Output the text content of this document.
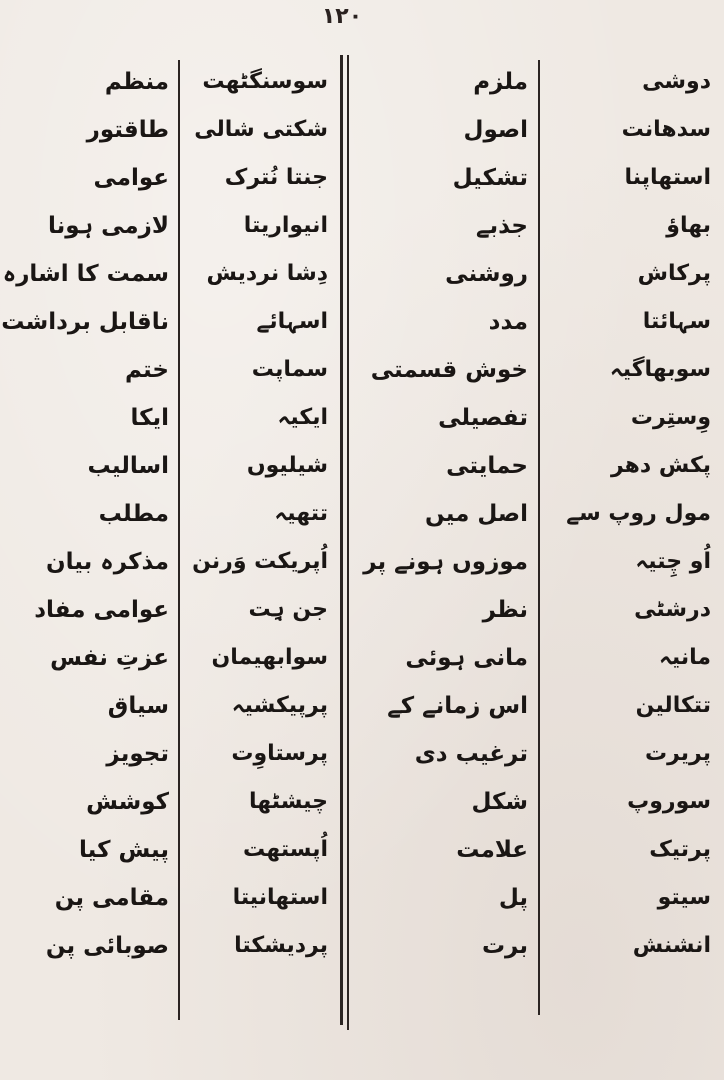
۱۲۰
دوشی
سدھانت
استھاپنا
بھاؤ
پرکاش
سہائتا
سوبھاگیہ
وِستِرت
پکش دھر
مول روپ سے
اُو چِتیہ
درشٹی
مانیہ
تتکالین
پریرت
سوروپ
پرتیک
سیتو
انشنش
ملزم
اصول
تشکیل
جذبے
روشنی
مدد
خوش قسمتی
تفصیلی
حمایتی
اصل میں
موزوں ہونے پر
نظر
مانی ہوئی
اس زمانے کے
ترغیب دی
شکل
علامت
پل
برت
سوسنگٹھت
شکتی شالی
جنتا نُترک
انیواریتا
دِشا نردیش
اسہائے
سماپت
ایکیہ
شیلیوں
تتھیہ
اُپریکت وَرنن
جن ہِت
سوابھیمان
پرپیکشیہ
پرستاوِت
چیشٹھا
اُپستھت
استھانیتا
پردیشکتا
منظم
طاقتور
عوامی
لازمی ہونا
سمت کا اشارہ
ناقابل برداشت
ختم
ایکا
اسالیب
مطلب
مذکرہ بیان
عوامی مفاد
عزتِ نفس
سیاق
تجویز
کوشش
پیش کیا
مقامی پن
صوبائی پن
